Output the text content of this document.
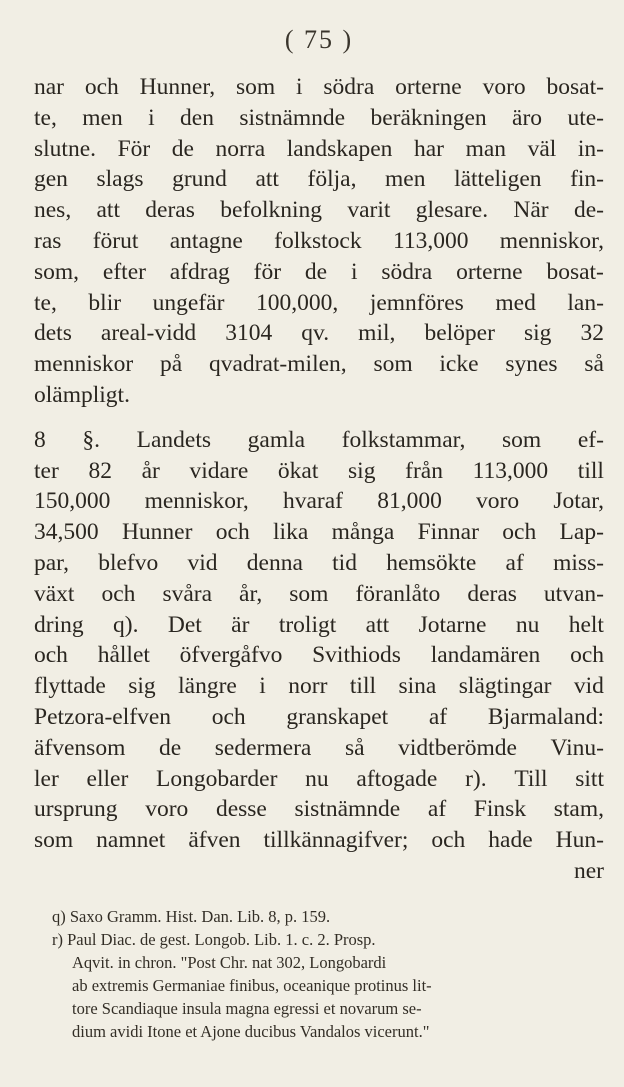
( 75 )
nar och Hunner, som i södra orterne voro bosat-
te, men i den sistnämnde beräkningen äro ute-
slutne. För de norra landskapen har man väl in-
gen slags grund att följa, men lätteligen fin-
nes, att deras befolkning varit glesare. När de-
ras förut antagne folkstock 113,000 menniskor,
som, efter afdrag för de i södra orterne bosat-
te, blir ungefär 100,000, jemnföres med lan-
dets areal-vidd 3104 qv. mil, belöper sig 32
menniskor på qvadrat-milen, som icke synes så
olämpligt.
8 §. Landets gamla folkstammar, som ef-
ter 82 år vidare ökat sig från 113,000 till
150,000 menniskor, hvaraf 81,000 voro Jotar,
34,500 Hunner och lika många Finnar och Lap-
par, blefvo vid denna tid hemsökte af miss-
växt och svåra år, som föranlåto deras utvan-
dring q). Det är troligt att Jotarne nu helt
och hållet öfvergåfvo Svithiods landamären och
flyttade sig längre i norr till sina slägtingar vid
Petzora-elfven och granskapet af Bjarmaland:
äfvensom de sedermera så vidtberömde Vinu-
ler eller Longobarder nu aftogade r). Till sitt
ursprung voro desse sistnämnde af Finsk stam,
som namnet äfven tillkännagifver; och hade Hun-
ner
q) Saxo Gramm. Hist. Dan. Lib. 8, p. 159.
r) Paul Diac. de gest. Longob. Lib. 1. c. 2. Prosp.
Aqvit. in chron. "Post Chr. nat 302, Longobardi
ab extremis Germaniae finibus, oceanique protinus lit-
tore Scandiaque insula magna egressi et novarum se-
dium avidi Itone et Ajone ducibus Vandalos vicerunt."
